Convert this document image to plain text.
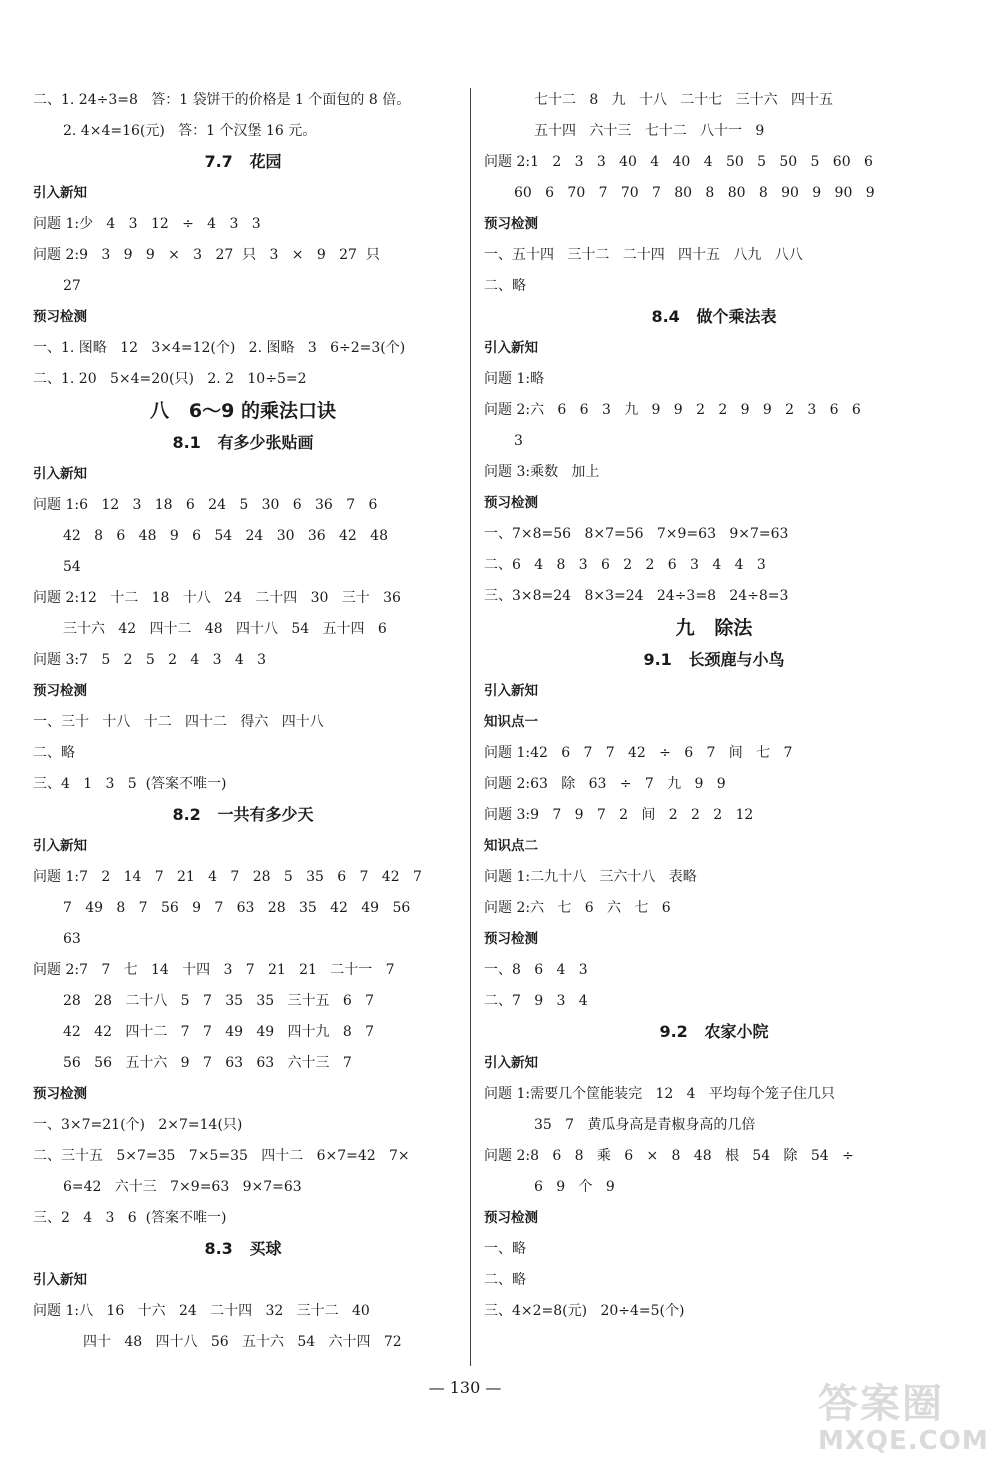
二、1. 24÷3=8   答：1 袋饼干的价格是 1 个面包的 8 倍。
2. 4×4=16(元)   答：1 个汉堡 16 元。
7.7   花园
引入新知
问题 1:少   4   3   12   ÷   4   3   3
问题 2:9   3   9   9   ×   3   27  只   3   ×   9   27  只
27
预习检测
一、1. 图略   12   3×4=12(个)   2. 图略   3   6÷2=3(个)
二、1. 20   5×4=20(只)   2. 2   10÷5=2
八   6～9 的乘法口诀
8.1   有多少张贴画
引入新知
问题 1:6   12   3   18   6   24   5   30   6   36   7   6
42   8   6   48   9   6   54   24   30   36   42   48
54
问题 2:12   十二   18   十八   24   二十四   30   三十   36
三十六   42   四十二   48   四十八   54   五十四   6
问题 3:7   5   2   5   2   4   3   4   3
预习检测
一、三十   十八   十二   四十二   得六   四十八
二、略
三、4   1   3   5  (答案不唯一)
8.2   一共有多少天
引入新知
问题 1:7   2   14   7   21   4   7   28   5   35   6   7   42   7
7   49   8   7   56   9   7   63   28   35   42   49   56
63
问题 2:7   7   七   14   十四   3   7   21   21   二十一   7
28   28   二十八   5   7   35   35   三十五   6   7
42   42   四十二   7   7   49   49   四十九   8   7
56   56   五十六   9   7   63   63   六十三   7
预习检测
一、3×7=21(个)   2×7=14(只)
二、三十五   5×7=35   7×5=35   四十二   6×7=42   7×
6=42   六十三   7×9=63   9×7=63
三、2   4   3   6  (答案不唯一)
8.3   买球
引入新知
问题 1:八   16   十六   24   二十四   32   三十二   40
四十   48   四十八   56   五十六   54   六十四   72
七十二   8   九   十八   二十七   三十六   四十五
五十四   六十三   七十二   八十一   9
问题 2:1   2   3   3   40   4   40   4   50   5   50   5   60   6
60   6   70   7   70   7   80   8   80   8   90   9   90   9
预习检测
一、五十四   三十二   二十四   四十五   八九   八八
二、略
8.4   做个乘法表
引入新知
问题 1:略
问题 2:六   6   6   3   九   9   9   2   2   9   9   2   3   6   6
3
问题 3:乘数   加上
预习检测
一、7×8=56   8×7=56   7×9=63   9×7=63
二、6   4   8   3   6   2   2   6   3   4   4   3
三、3×8=24   8×3=24   24÷3=8   24÷8=3
九   除法
9.1   长颈鹿与小鸟
引入新知
知识点一
问题 1:42   6   7   7   42   ÷   6   7   间   七   7
问题 2:63   除   63   ÷   7   九   9   9
问题 3:9   7   9   7   2   间   2   2   2   12
知识点二
问题 1:二九十八   三六十八   表略
问题 2:六   七   6   六   七   6
预习检测
一、8   6   4   3
二、7   9   3   4
9.2   农家小院
引入新知
问题 1:需要几个筐能装完   12   4   平均每个笼子住几只
35   7   黄瓜身高是青椒身高的几倍
问题 2:8   6   8   乘   6   ×   8   48   根   54   除   54   ÷
6   9   个   9
预习检测
一、略
二、略
三、4×2=8(元)   20÷4=5(个)
— 130 —	答案圈
MXQE.COM
